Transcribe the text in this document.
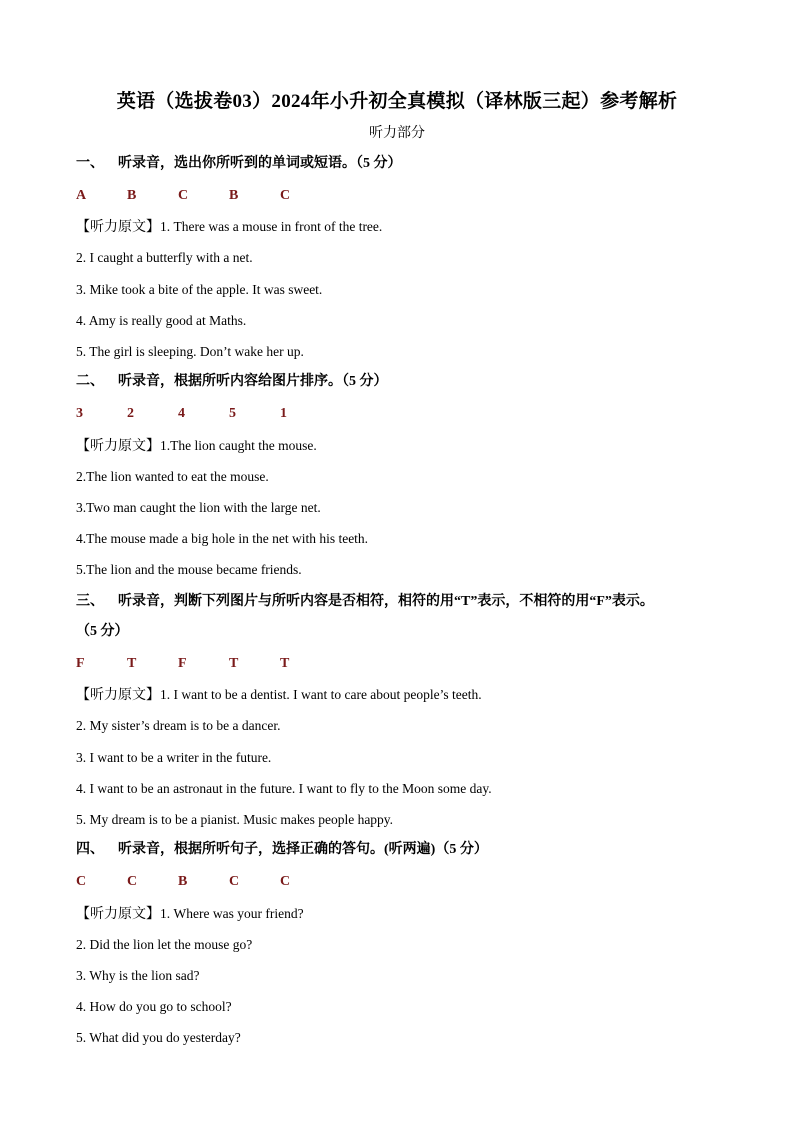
英语（选拔卷03）2024年小升初全真模拟（译林版三起）参考解析
听力部分
一、 听录音，选出你所听到的单词或短语。（5 分）
A	B	C	B	C
【听力原文】1. There was a mouse in front of the tree.
2. I caught a butterfly with a net.
3. Mike took a bite of the apple. It was sweet.
4. Amy is really good at Maths.
5. The girl is sleeping. Don’t wake her up.
二、 听录音，根据所听内容给图片排序。（5 分）
3	2	4	5	1
【听力原文】1.The lion caught the mouse.
2.The lion wanted to eat the mouse.
3.Two man caught the lion with the large net.
4.The mouse made a big hole in the net with his teeth.
5.The lion and the mouse became friends.
三、 听录音，判断下列图片与所听内容是否相符，相符的用“T”表示，不相符的用“F”表示。
（5 分）
F	T	F	T	T
【听力原文】1. I want to be a dentist. I want to care about people’s teeth.
2. My sister’s dream is to be a dancer.
3. I want to be a writer in the future.
4. I want to be an astronaut in the future. I want to fly to the Moon some day.
5. My dream is to be a pianist. Music makes people happy.
四、 听录音，根据所听句子，选择正确的答句。(听两遍)（5 分）
C	C	B	C	C
【听力原文】1. Where was your friend?
2. Did the lion let the mouse go?
3. Why is the lion sad?
4. How do you go to school?
5. What did you do yesterday?
